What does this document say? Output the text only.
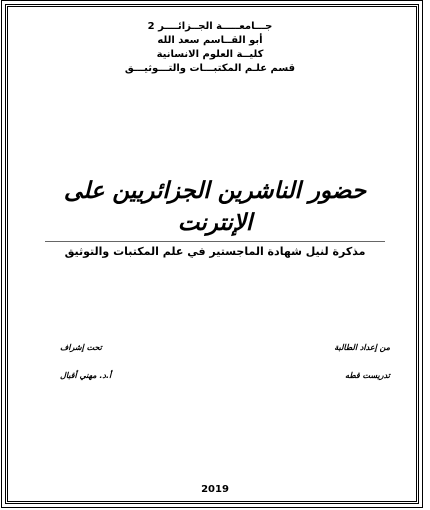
جـــامعـــــة الجــزائــــر 2
أبو القــاسم سعد الله
كليــة العلوم الانسانية
قسم علـم المكتبـــات والتـــوثيـــق
حضور الناشرين الجزائريين على
الإنترنت
مذكرة لنيل شهادة الماجستير في علم المكتبات والتوثيق
من إعداد الطالبة
تدريست قطه
تحت إشراف
أ.د. مهني أقبال
2019
